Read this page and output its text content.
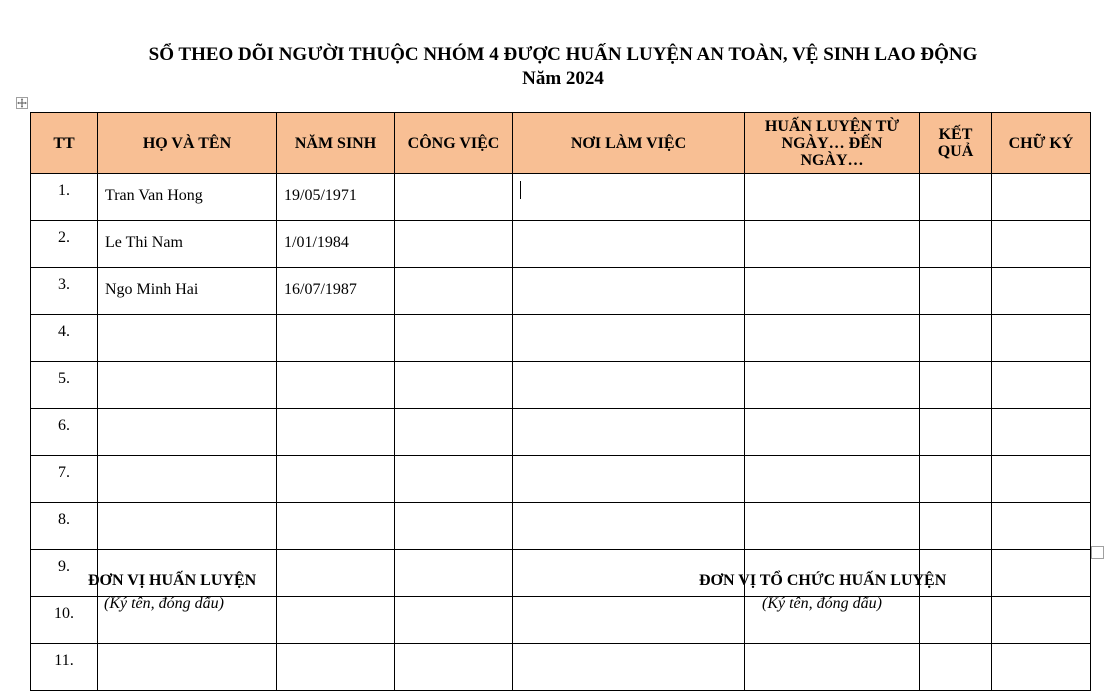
SỔ THEO DÕI NGƯỜI THUỘC NHÓM 4 ĐƯỢC HUẤN LUYỆN AN TOÀN, VỆ SINH LAO ĐỘNG
Năm 2024
TT	HỌ VÀ TÊN	NĂM SINH	CÔNG VIỆC	NƠI LÀM VIỆC	HUẤN LUYỆN TỪ NGÀY… ĐẾN NGÀY…	KẾT QUẢ	CHỮ KÝ
1.	Tran Van Hong	19/05/1971					
2.	Le Thi Nam	1/01/1984					
3.	Ngo Minh Hai	16/07/1987					
4.							
5.							
6.							
7.							
8.							
9.							
10.							
11.							
ĐƠN VỊ HUẤN LUYỆN
(Ký tên, đóng dấu)
ĐƠN VỊ TỔ CHỨC HUẤN LUYỆN
(Ký tên, đóng dấu)
